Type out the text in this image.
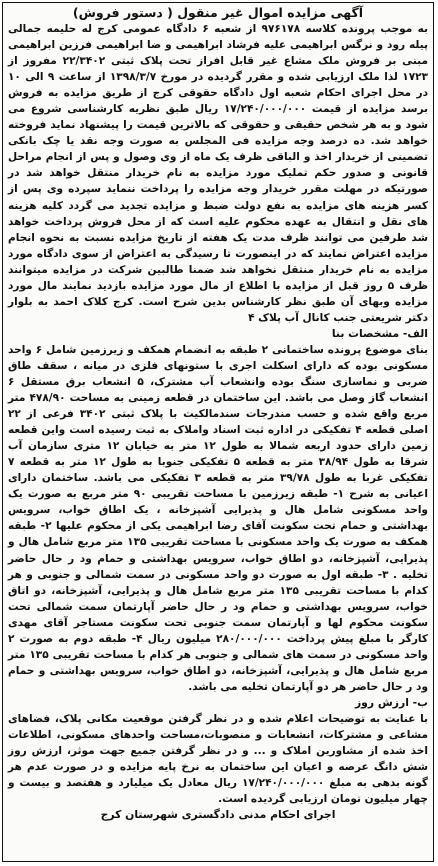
آگهی مزایده اموال غیر منقول ( دستور فروش)
به موجب پرونده کلاسه ۹۷۶۱۷۸ از شعبه ۶ دادگاه عمومی کرج له حلیمه جمالی پیله رود و نرگس ابراهیمی علیه فرشاد ابراهیمی و ضا ابراهیمی فرزین ابراهیمی مبنی بر فروش ملک مشاع غیر قابل افراز تحت پلاک ثبتی ۲۲/۳۴۰۲ مفروز از ۱۷۲۳ لذا ملک ارزیابی شده و مقرر گردیده در مورخ ۱۳۹۸/۳/۷ از ساعت ۹ الی ۱۰ در محل اجرای احکام شعبه اول دادگاه حقوقی کرج از طریق مزایده به فروش برسد مزایده از قیمت ۱۷/۲۴۰/۰۰۰/۰۰۰ ریال طبق نظریه کارشناسی شروع می شود و به هر شخص حقیقی و حقوقی که بالاترین قیمت را پیشنهاد نماید فروخته خواهد شد. ده درصد وجه مزایده فی المجلس به صورت وجه نقد یا چک بانکی تضمینی از خریدار اخذ و الباقی ظرف یک ماه از وی وصول و پس از انجام مراحل قانونی و صدور حکم تملیک مورد مزایده به نام خریدار منتقل خواهد شد در صورتیکه در مهلت مقرر خریدار وجه مزایده را پرداخت ننماید سپرده وی پس از کسر هزینه های مزایده به نفع دولت ضبط و مزایده تجدید می گردد کلیه هزینه های نقل و انتقال به عهده محکوم علیه است که از محل فروش پرداخت خواهد شد طرفین می توانند ظرف مدت یک هفته از تاریخ مزایده نسبت به نحوه انجام مزایده اعتراض نمایند که در اینصورت تا رسیدگی به اعتراض از سوی دادگاه مورد مزایده به نام خریدار منتقل نخواهد شد ضمنا طالبین شرکت در مزایده میتوانند ظرف ۵ روز قبل از مزایده با اطلاع از مال مورد مزایده بازدید نمایند مال مورد مزایده وبهای آن طبق نظر کارشناس بدین شرح است. کرج کلاک احمد به بلوار دکتر شریعتی جنب کانال آب پلاک ۴
الف- مشخصات بنا
بنای موضوع پرونده ساختمانی ۲ طبقه به انضمام همکف و زیرزمین شامل ۶ واحد مسکونی بوده که دارای اسکلت اجری با ستونهای فلزی در میانه ، سقف طاق ضربی و نماسازی سنگ بوده وانشعاب آب مشترک، ۵ انشعاب برق مستقل ۶ انشعاب گاز وصل می باشد. این ساختمان در قطعه زمینی به مساحت ۴۷۸/۹۰ متر مربع واقع شده و حسب مندرجات سندمالکیت با پلاک ثبتی ۳۴۰۲ فرعی از ۲۲ اصلی قطعه ۴ تفکیکی در اداره ثبت اسناد واملاک به ثبت رسیده است واین قطعه زمین دارای حدود اربعه شمالا به طول ۱۲ متر به خیابان ۱۲ متری سازمان آب شرقا به طول ۳۸/۹۴ متر به قطعه ۵ تفکیکی جنوبا به طول ۱۲ متر به قطعه ۷ تفکیکی غربا به طول ۳۹/۷۸ متر به قطعه ۳ تفکیکی می باشد. ساختمان دارای اعیانی به شرح ۱- طبقه زیرزمین با مساحت تقریبی ۹۰ متر مربع به صورت یک واحد مسکونی شامل هال و پذیرایی آشپزخانه ، یک اطاق خواب، سرویس بهداشتی و حمام تحت سکونت آقای رضا ابراهیمی یکی از محکوم علیها ۲- طبقه همکف به صورت یک واحد مسکونی با مساحت تقریبی ۱۳۵ متر مربع شامل هال و پذیرایی، آشپزخانه، دو اطاق خواب، سرویس بهداشتی و حمام ود ر حال حاضر تخلیه . ۳- طبقه اول به صورت دو واحد مسکونی در سمت شمالی و جنوبی و هر کدام با مساحت تقریبی ۱۳۵ متر مربع شامل هال و پذیرایی، آشپزخانه، دو اتاق خواب، سرویس بهداشتی و حمام ود ر حال حاضر آپارتمان سمت شمالی تحت سکونت محکوم لها و آپارتمان سمت جنوبی تحت سکونت مستاجر آقای مهدی کارگر با مبلغ پیش پرداخت ۲۸۰/۰۰۰/۰۰۰ میلیون ریال ۴- طبقه دوم به صورت ۲ واحد مسکونی در سمت های شمالی و جنوبی هر کدام با مساحت تقریبی ۱۳۵ متر مربع شامل هال و پذیرایی، آشپزخانه، دو اطاق خواب، سرویس بهداشتی و حمام ود ر حال حاضر هر دو آپارتمان تخلیه می باشد.
ب- ارزش روز
با عنایت به توضیحات اعلام شده و در نظر گرفتن موقعیت مکانی پلاک، فضاهای مشاعی و مشترکات، انشعابات و منصوبات،مساحت واحدهای مسکونی، اطلاعات اخذ شده از مشاورین املاک و ... و در نظر گرفتن جمیع جهت موثر، ارزش روز شش دانگ عرصه و اعیان این ساختمان به نرخ پایه مزایده و در صورت عدم هر گونه بدهی به مبلغ ۱۷/۲۴۰/۰۰۰/۰۰۰ ریال معادل یک میلیارد و هفتصد و بیست و چهار میلیون تومان ارزیابی گردیده است.
اجرای احکام مدنی دادگستری شهرستان کرج
